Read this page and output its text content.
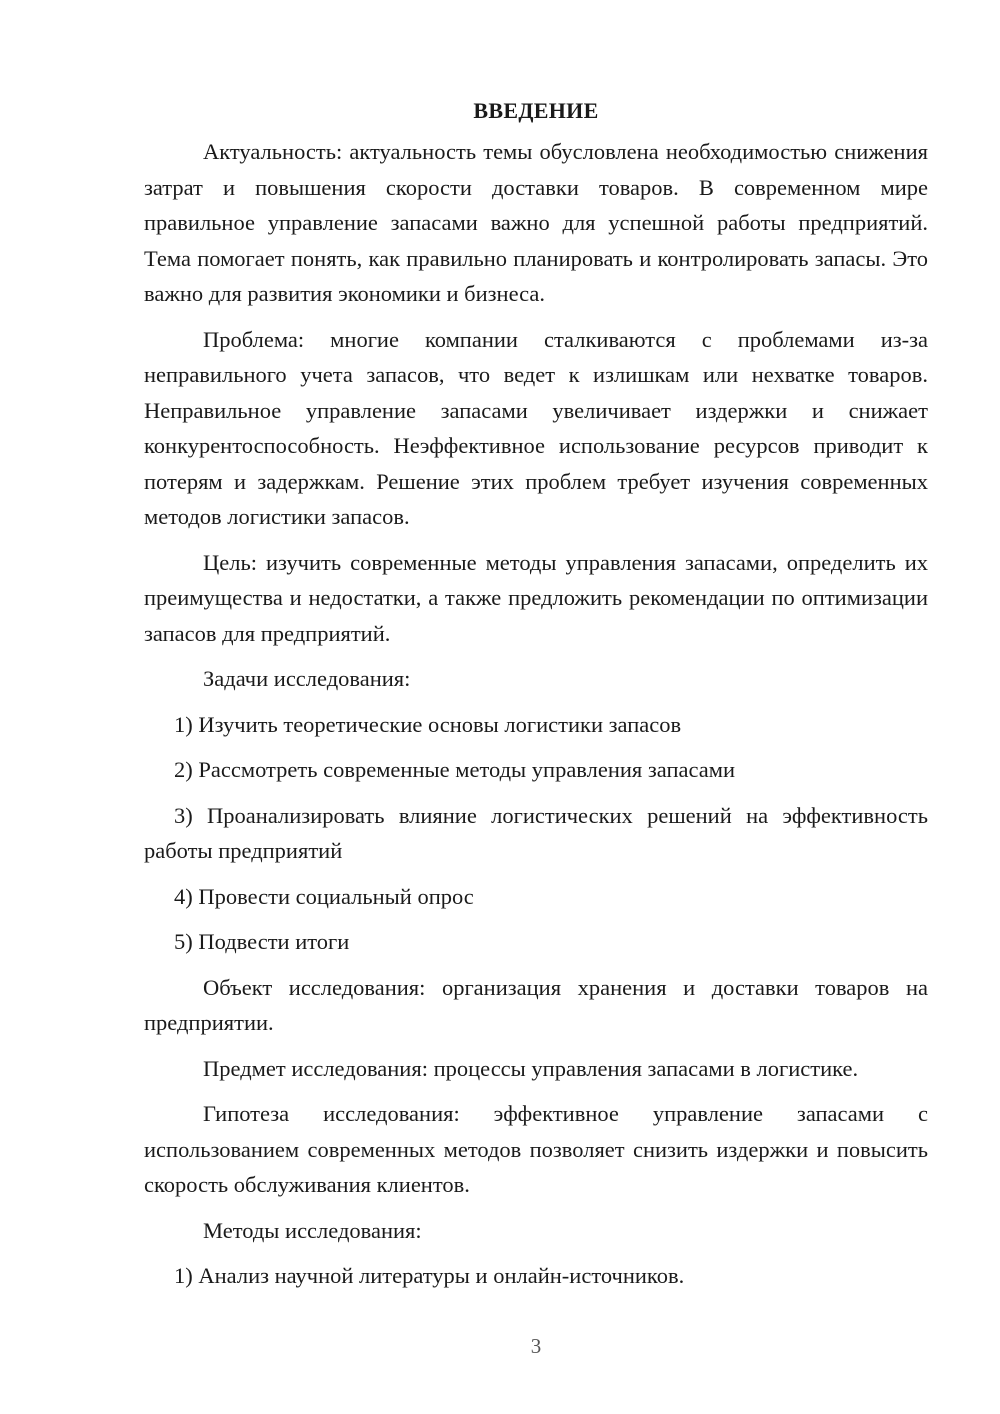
ВВЕДЕНИЕ

Актуальность: актуальность темы обусловлена необходимостью снижения затрат и повышения скорости доставки товаров. В современном мире правильное управление запасами важно для успешной работы предприятий. Тема помогает понять, как правильно планировать и контролировать запасы. Это важно для развития экономики и бизнеса.

Проблема: многие компании сталкиваются с проблемами из-за неправильного учета запасов, что ведет к излишкам или нехватке товаров. Неправильное управление запасами увеличивает издержки и снижает конкурентоспособность. Неэффективное использование ресурсов приводит к потерям и задержкам. Решение этих проблем требует изучения современных методов логистики запасов.

Цель: изучить современные методы управления запасами, определить их преимущества и недостатки, а также предложить рекомендации по оптимизации запасов для предприятий.

Задачи исследования:

1) Изучить теоретические основы логистики запасов

2) Рассмотреть современные методы управления запасами

3) Проанализировать влияние логистических решений на эффективность работы предприятий

4) Провести социальный опрос

5) Подвести итоги

Объект исследования: организация хранения и доставки товаров на предприятии.

Предмет исследования: процессы управления запасами в логистике.

Гипотеза исследования: эффективное управление запасами с использованием современных методов позволяет снизить издержки и повысить скорость обслуживания клиентов.

Методы исследования:

1) Анализ научной литературы и онлайн-источников.

3
